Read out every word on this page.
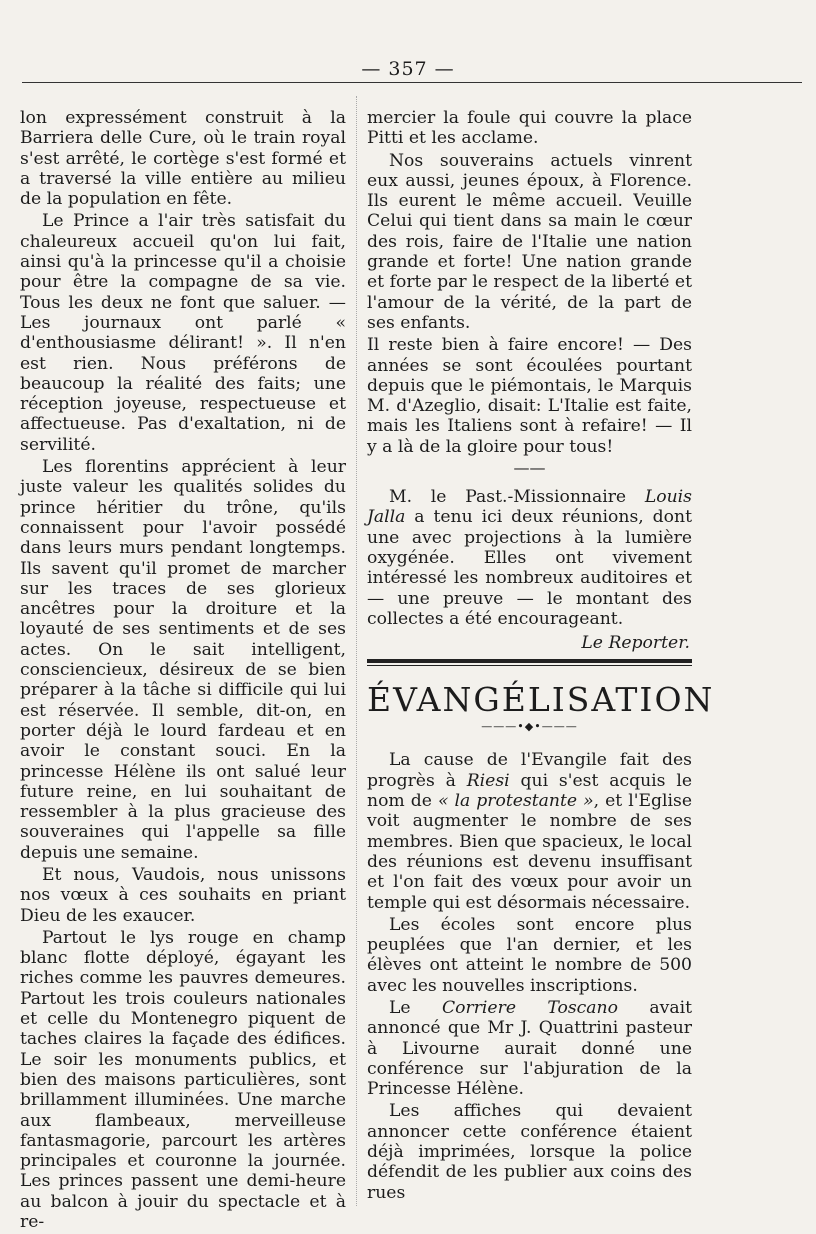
— 357 —

lon expressément construit à la Barriera delle Cure, où le train royal s'est arrêté, le cortège s'est formé et a traversé la ville entière au milieu de la population en fête.

Le Prince a l'air très satisfait du chaleureux accueil qu'on lui fait, ainsi qu'à la princesse qu'il a choisie pour être la compagne de sa vie. Tous les deux ne font que saluer. — Les journaux ont parlé « d'enthousiasme délirant! ». Il n'en est rien. Nous préférons de beaucoup la réalité des faits; une réception joyeuse, respectueuse et affectueuse. Pas d'exaltation, ni de servilité.

Les florentins apprécient à leur juste valeur les qualités solides du prince héritier du trône, qu'ils connaissent pour l'avoir possédé dans leurs murs pendant longtemps. Ils savent qu'il promet de marcher sur les traces de ses glorieux ancêtres pour la droiture et la loyauté de ses sentiments et de ses actes. On le sait intelligent, consciencieux, désireux de se bien préparer à la tâche si difficile qui lui est réservée. Il semble, dit-on, en porter déjà le lourd fardeau et en avoir le constant souci. En la princesse Hélène ils ont salué leur future reine, en lui souhaitant de ressembler à la plus gracieuse des souveraines qui l'appelle sa fille depuis une semaine.

Et nous, Vaudois, nous unissons nos vœux à ces souhaits en priant Dieu de les exaucer.

Partout le lys rouge en champ blanc flotte déployé, égayant les riches comme les pauvres demeures. Partout les trois couleurs nationales et celle du Montenegro piquent de taches claires la façade des édifices. Le soir les monuments publics, et bien des maisons particulières, sont brillamment illuminées. Une marche aux flambeaux, merveilleuse fantasmagorie, parcourt les artères principales et couronne la journée. Les princes passent une demi-heure au balcon à jouir du spectacle et à re-

mercier la foule qui couvre la place Pitti et les acclame.

Nos souverains actuels vinrent eux aussi, jeunes époux, à Florence. Ils eurent le même accueil. Veuille Celui qui tient dans sa main le cœur des rois, faire de l'Italie une nation grande et forte! Une nation grande et forte par le respect de la liberté et l'amour de la vérité, de la part de ses enfants.

Il reste bien à faire encore! — Des années se sont écoulées pourtant depuis que le piémontais, le Marquis M. d'Azeglio, disait: L'Italie est faite, mais les Italiens sont à refaire! — Il y a là de la gloire pour tous!

——

M. le Past.-Missionnaire Louis Jalla a tenu ici deux réunions, dont une avec projections à la lumière oxygénée. Elles ont vivement intéressé les nombreux auditoires et — une preuve — le montant des collectes a été encourageant.

Le Reporter.
ÉVANGÉLISATION
———•◆•———

La cause de l'Evangile fait des progrès à Riesi qui s'est acquis le nom de « la protestante », et l'Eglise voit augmenter le nombre de ses membres. Bien que spacieux, le local des réunions est devenu insuffisant et l'on fait des vœux pour avoir un temple qui est désormais nécessaire.

Les écoles sont encore plus peuplées que l'an dernier, et les élèves ont atteint le nombre de 500 avec les nouvelles inscriptions.

Le Corriere Toscano avait annoncé que Mr J. Quattrini pasteur à Livourne aurait donné une conférence sur l'abjuration de la Princesse Hélène.

Les affiches qui devaient annoncer cette conférence étaient déjà imprimées, lorsque la police défendit de les publier aux coins des rues
